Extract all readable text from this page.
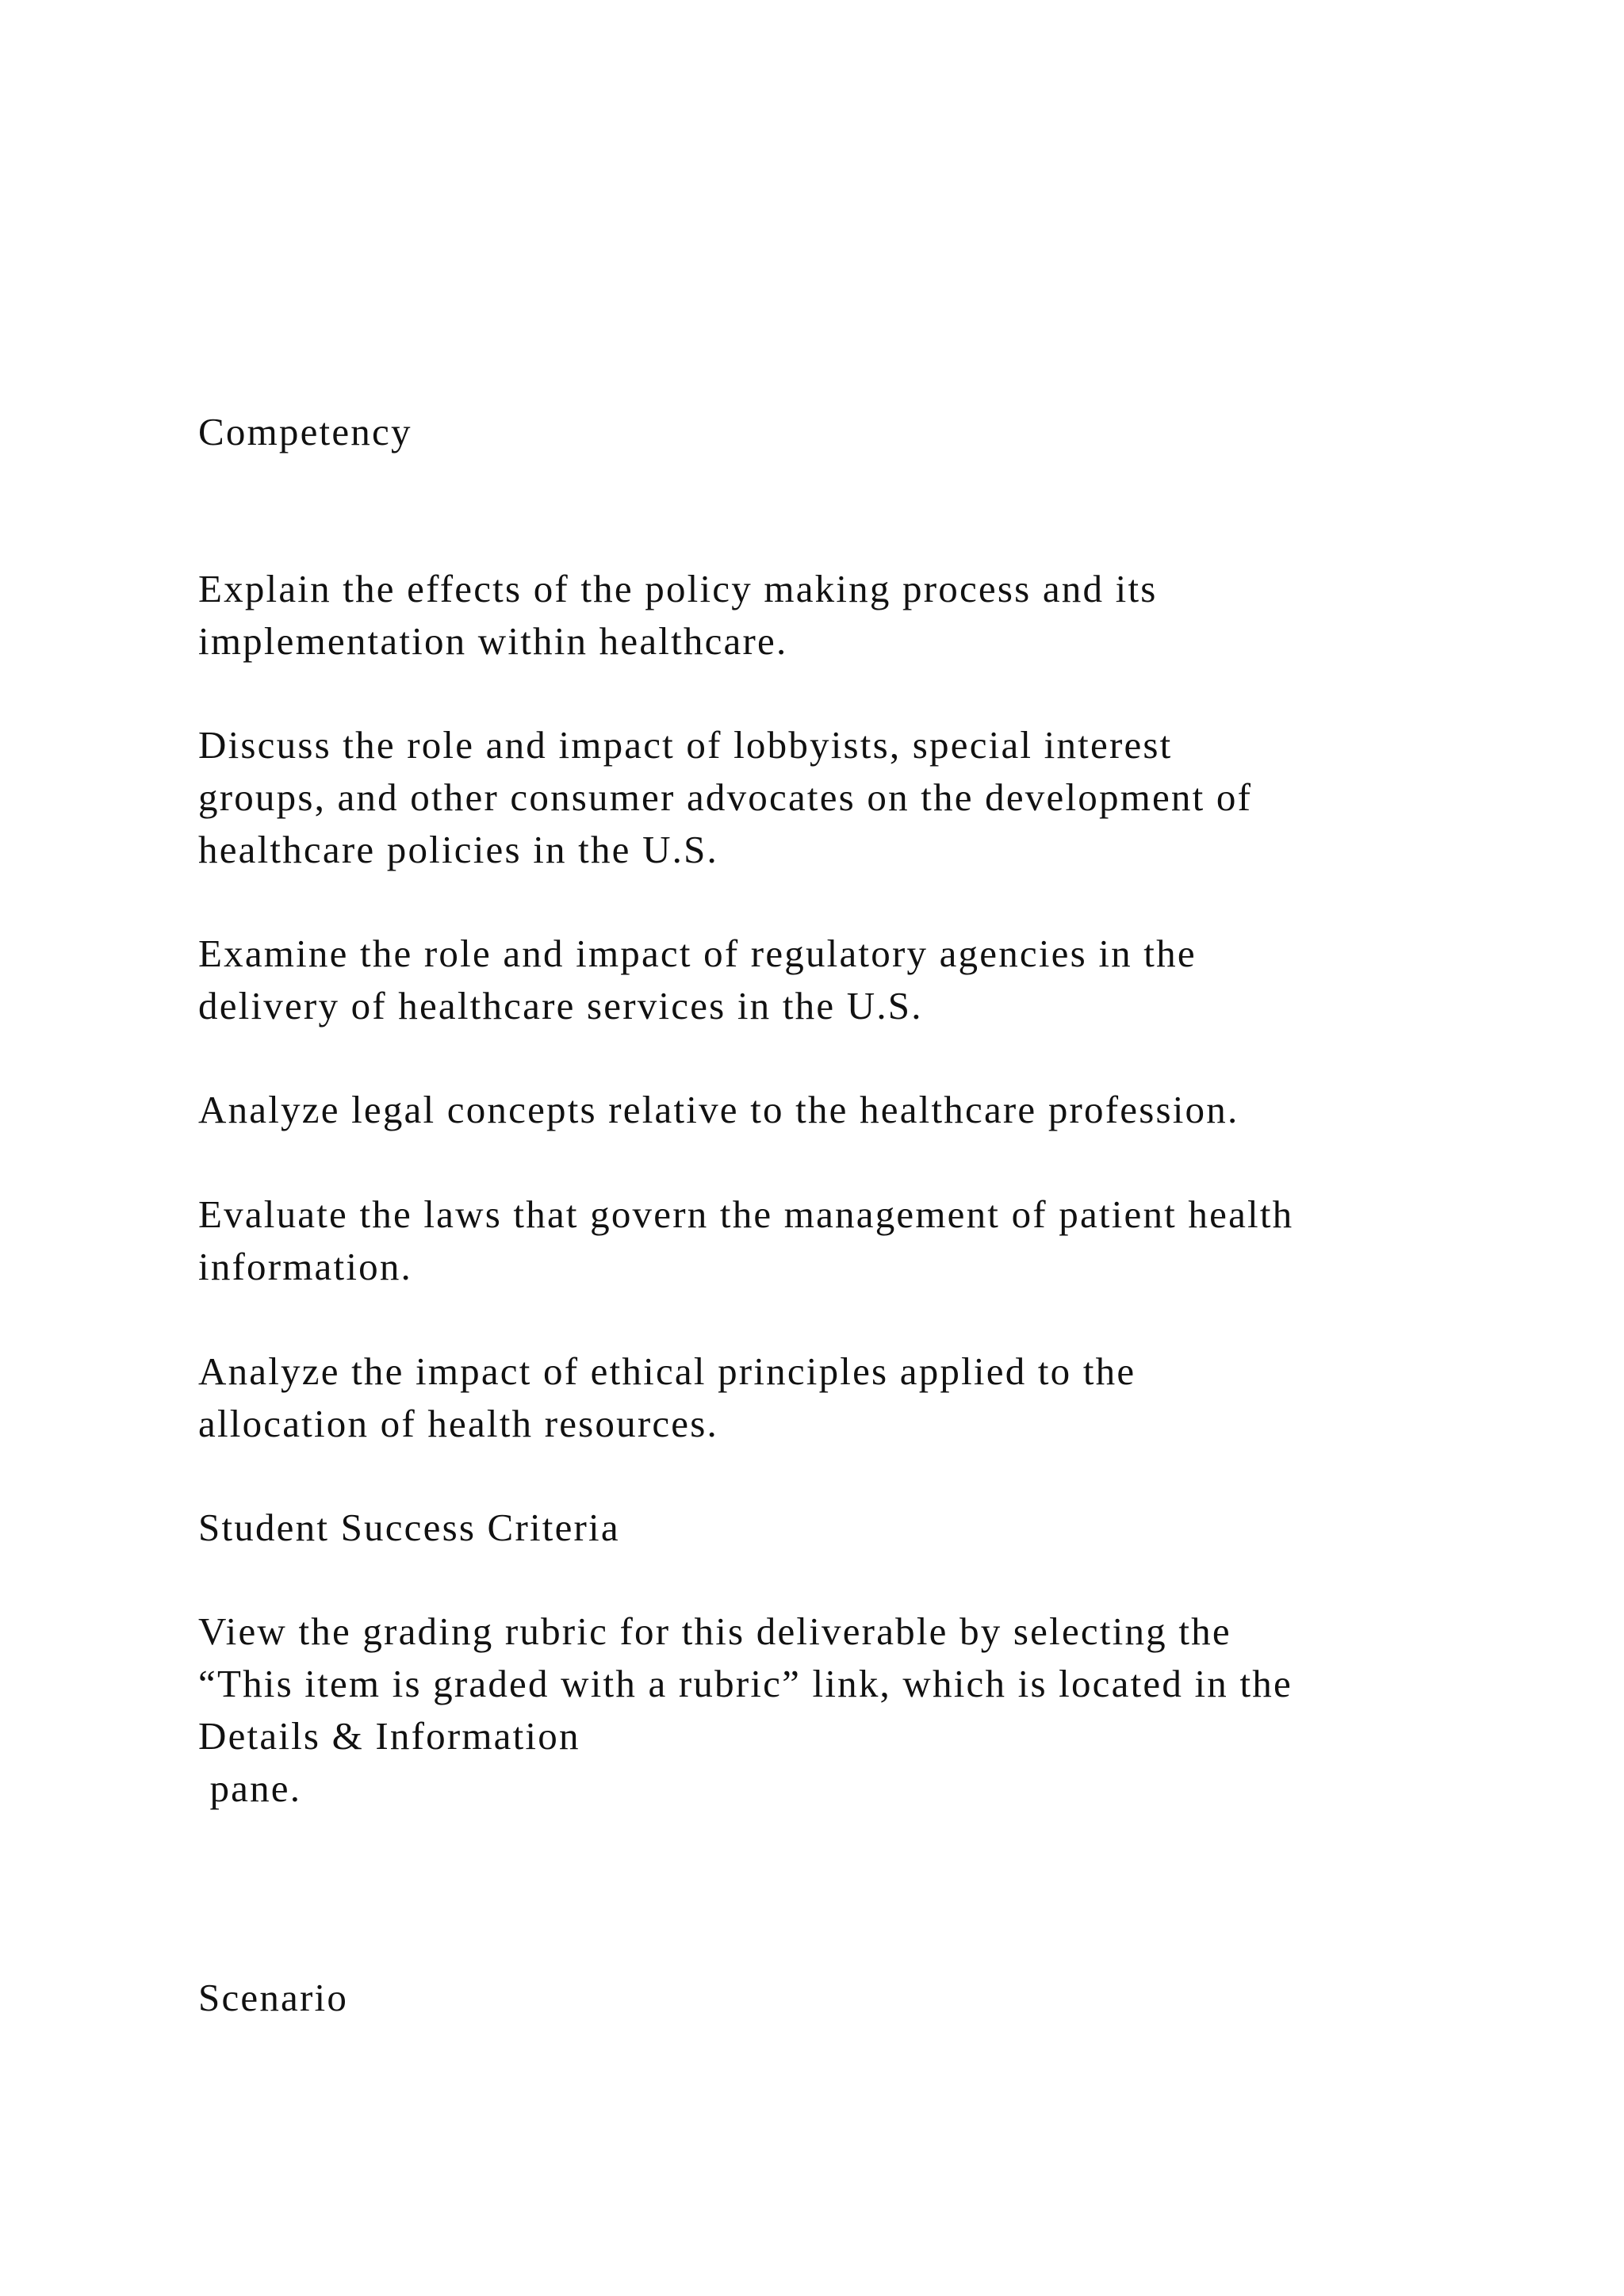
Competency
Explain the effects of the policy making process and its
implementation within healthcare.
Discuss the role and impact of lobbyists, special interest
groups, and other consumer advocates on the development of
healthcare policies in the U.S.
Examine the role and impact of regulatory agencies in the
delivery of healthcare services in the U.S.
Analyze legal concepts relative to the healthcare profession.
Evaluate the laws that govern the management of patient health
information.
Analyze the impact of ethical principles applied to the
allocation of health resources.
Student Success Criteria
View the grading rubric for this deliverable by selecting the
“This item is graded with a rubric” link, which is located in the
Details & Information
pane.
Scenario
